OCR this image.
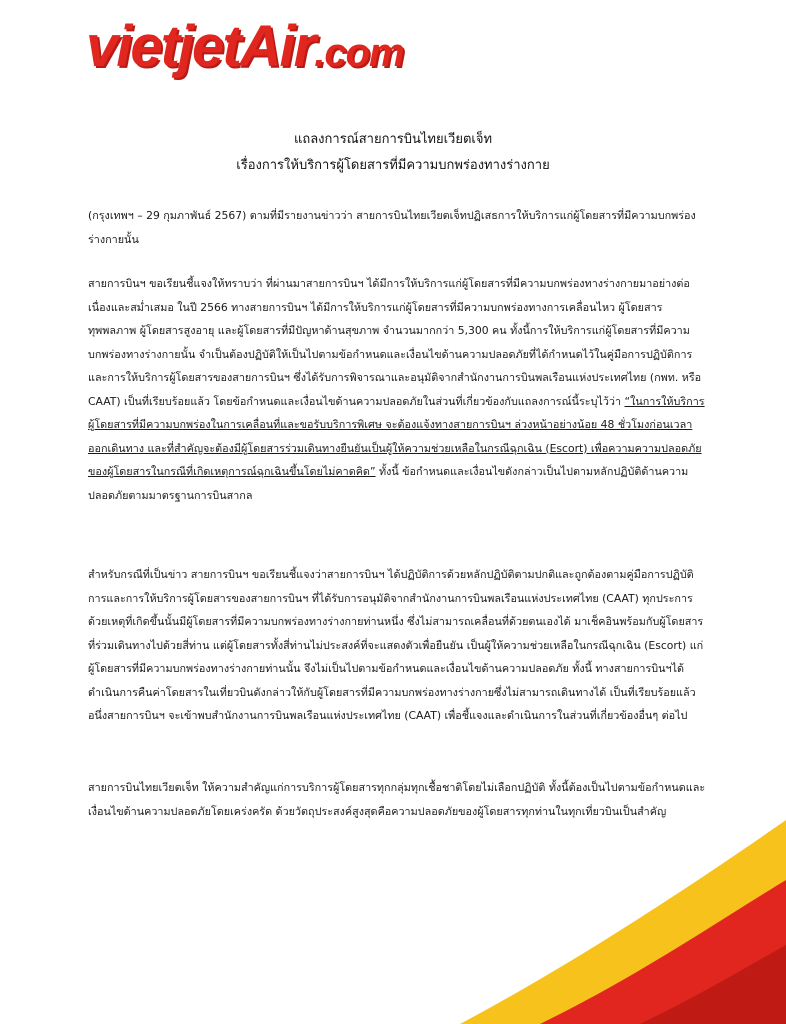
vietjetAir.com
แถลงการณ์สายการบินไทยเวียตเจ็ท
เรื่องการให้บริการผู้โดยสารที่มีความบกพร่องทางร่างกาย
(กรุงเทพฯ – 29 กุมภาพันธ์ 2567) ตามที่มีรายงานข่าวว่า สายการบินไทยเวียตเจ็ทปฏิเสธการให้บริการแก่ผู้โดยสารที่มีความบกพร่องร่างกายนั้น
สายการบินฯ ขอเรียนชี้แจงให้ทราบว่า ที่ผ่านมาสายการบินฯ ได้มีการให้บริการแก่ผู้โดยสารที่มีความบกพร่องทางร่างกายมาอย่างต่อเนื่องและสม่ำเสมอ ในปี 2566 ทางสายการบินฯ ได้มีการให้บริการแก่ผู้โดยสารที่มีความบกพร่องทางการเคลื่อนไหว ผู้โดยสารทุพพลภาพ ผู้โดยสารสูงอายุ และผู้โดยสารที่มีปัญหาด้านสุขภาพ จำนวนมากกว่า 5,300 คน ทั้งนี้การให้บริการแก่ผู้โดยสารที่มีความบกพร่องทางร่างกายนั้น จำเป็นต้องปฏิบัติให้เป็นไปตามข้อกำหนดและเงื่อนไขด้านความปลอดภัยที่ได้กำหนดไว้ในคู่มือการปฏิบัติการและการให้บริการผู้โดยสารของสายการบินฯ ซึ่งได้รับการพิจารณาและอนุมัติจากสำนักงานการบินพลเรือนแห่งประเทศไทย (กพท. หรือ CAAT) เป็นที่เรียบร้อยแล้ว โดยข้อกำหนดและเงื่อนไขด้านความปลอดภัยในส่วนที่เกี่ยวข้องกับแถลงการณ์นี้ระบุไว้ว่า “ในการให้บริการผู้โดยสารที่มีความบกพร่องในการเคลื่อนที่และขอรับบริการพิเศษ จะต้องแจ้งทางสายการบินฯ ล่วงหน้าอย่างน้อย 48 ชั่วโมงก่อนเวลาออกเดินทาง และที่สำคัญจะต้องมีผู้โดยสารร่วมเดินทางยืนยันเป็นผู้ให้ความช่วยเหลือในกรณีฉุกเฉิน (Escort) เพื่อความความปลอดภัยของผู้โดยสารในกรณีที่เกิดเหตุการณ์ฉุกเฉินขึ้นโดยไม่คาดคิด” ทั้งนี้ ข้อกำหนดและเงื่อนไขดังกล่าวเป็นไปตามหลักปฏิบัติด้านความปลอดภัยตามมาตรฐานการบินสากล
สำหรับกรณีที่เป็นข่าว สายการบินฯ ขอเรียนชี้แจงว่าสายการบินฯ ได้ปฏิบัติการด้วยหลักปฏิบัติตามปกติและถูกต้องตามคู่มือการปฏิบัติการและการให้บริการผู้โดยสารของสายการบินฯ ที่ได้รับการอนุมัติจากสำนักงานการบินพลเรือนแห่งประเทศไทย (CAAT) ทุกประการ ด้วยเหตุที่เกิดขึ้นนั้นมีผู้โดยสารที่มีความบกพร่องทางร่างกายท่านหนึ่ง ซึ่งไม่สามารถเคลื่อนที่ด้วยตนเองได้ มาเช็คอินพร้อมกับผู้โดยสารที่ร่วมเดินทางไปด้วยสี่ท่าน แต่ผู้โดยสารทั้งสี่ท่านไม่ประสงค์ที่จะแสดงตัวเพื่อยืนยัน เป็นผู้ให้ความช่วยเหลือในกรณีฉุกเฉิน (Escort) แก่ผู้โดยสารที่มีความบกพร่องทางร่างกายท่านนั้น จึงไม่เป็นไปตามข้อกำหนดและเงื่อนไขด้านความปลอดภัย ทั้งนี้ ทางสายการบินฯได้ดำเนินการคืนค่าโดยสารในเที่ยวบินดังกล่าวให้กับผู้โดยสารที่มีความบกพร่องทางร่างกายซึ่งไม่สามารถเดินทางได้ เป็นที่เรียบร้อยแล้ว อนึ่งสายการบินฯ จะเข้าพบสำนักงานการบินพลเรือนแห่งประเทศไทย (CAAT) เพื่อชี้แจงและดำเนินการในส่วนที่เกี่ยวข้องอื่นๆ ต่อไป
สายการบินไทยเวียตเจ็ท ให้ความสำคัญแก่การบริการผู้โดยสารทุกกลุ่มทุกเชื้อชาติโดยไม่เลือกปฏิบัติ ทั้งนี้ต้องเป็นไปตามข้อกำหนดและเงื่อนไขด้านความปลอดภัยโดยเคร่งครัด ด้วยวัตถุประสงค์สูงสุดคือความปลอดภัยของผู้โดยสารทุกท่านในทุกเที่ยวบินเป็นสำคัญ
